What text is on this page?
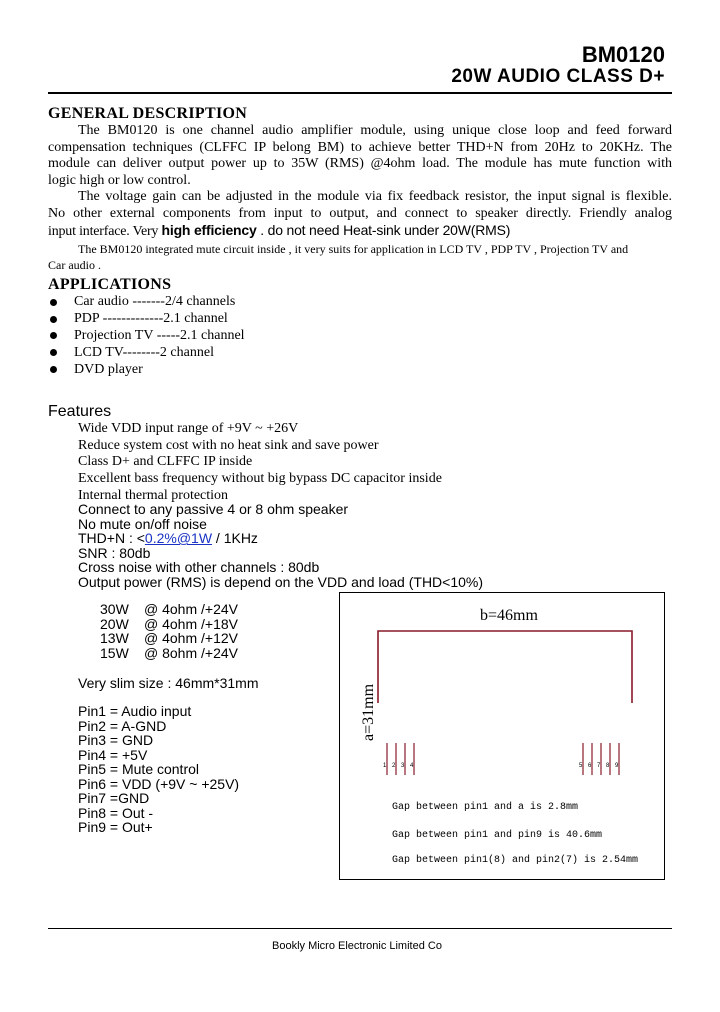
BM0120
20W AUDIO CLASS D+
GENERAL DESCRIPTION
The BM0120 is one channel audio amplifier module, using unique close loop and feed forward
compensation techniques (CLFFC IP belong BM) to achieve better THD+N from 20Hz to 20KHz. The
module can deliver output power up to 35W (RMS) @4ohm load. The module has mute function with
logic high or low control.
The voltage gain can be adjusted in the module via fix feedback resistor, the input signal is flexible.
No other external components from input to output, and connect to speaker directly. Friendly analog
input interface. Very high efficiency . do not need Heat-sink under 20W(RMS)
The BM0120 integrated mute circuit inside , it very suits for application in LCD TV , PDP TV , Projection TV and
Car audio .
APPLICATIONS
Car audio -------2/4 channels
PDP -------------2.1 channel
Projection TV -----2.1 channel
LCD TV--------2 channel
DVD player
Features
Wide VDD input range of +9V ~ +26V
Reduce system cost with no heat sink and save power
Class D+ and CLFFC IP inside
Excellent bass frequency without big bypass DC capacitor inside
Internal thermal protection
Connect to any passive 4 or 8 ohm speaker
No mute on/off noise
THD+N : <0.2%@1W / 1KHz
SNR : 80db
Cross noise with other channels : 80db
Output power (RMS) is depend on the VDD and load (THD<10%)
30W @ 4ohm /+24V
20W @ 4ohm /+18V
13W @ 4ohm /+12V
15W @ 8ohm /+24V
Very slim size : 46mm*31mm
Pin1 = Audio input
Pin2 = A-GND
Pin3 = GND
Pin4 = +5V
Pin5 = Mute control
Pin6 = VDD (+9V ~ +25V)
Pin7 =GND
Pin8 = Out -
Pin9 = Out+
1 2 3 4	5 6 7 8 9
b=46mm
a=31mm
Gap between pin1 and a is 2.8mm
Gap between pin1 and pin9 is 40.6mm
Gap between pin1(8) and pin2(7) is 2.54mm
Bookly Micro Electronic Limited Co
